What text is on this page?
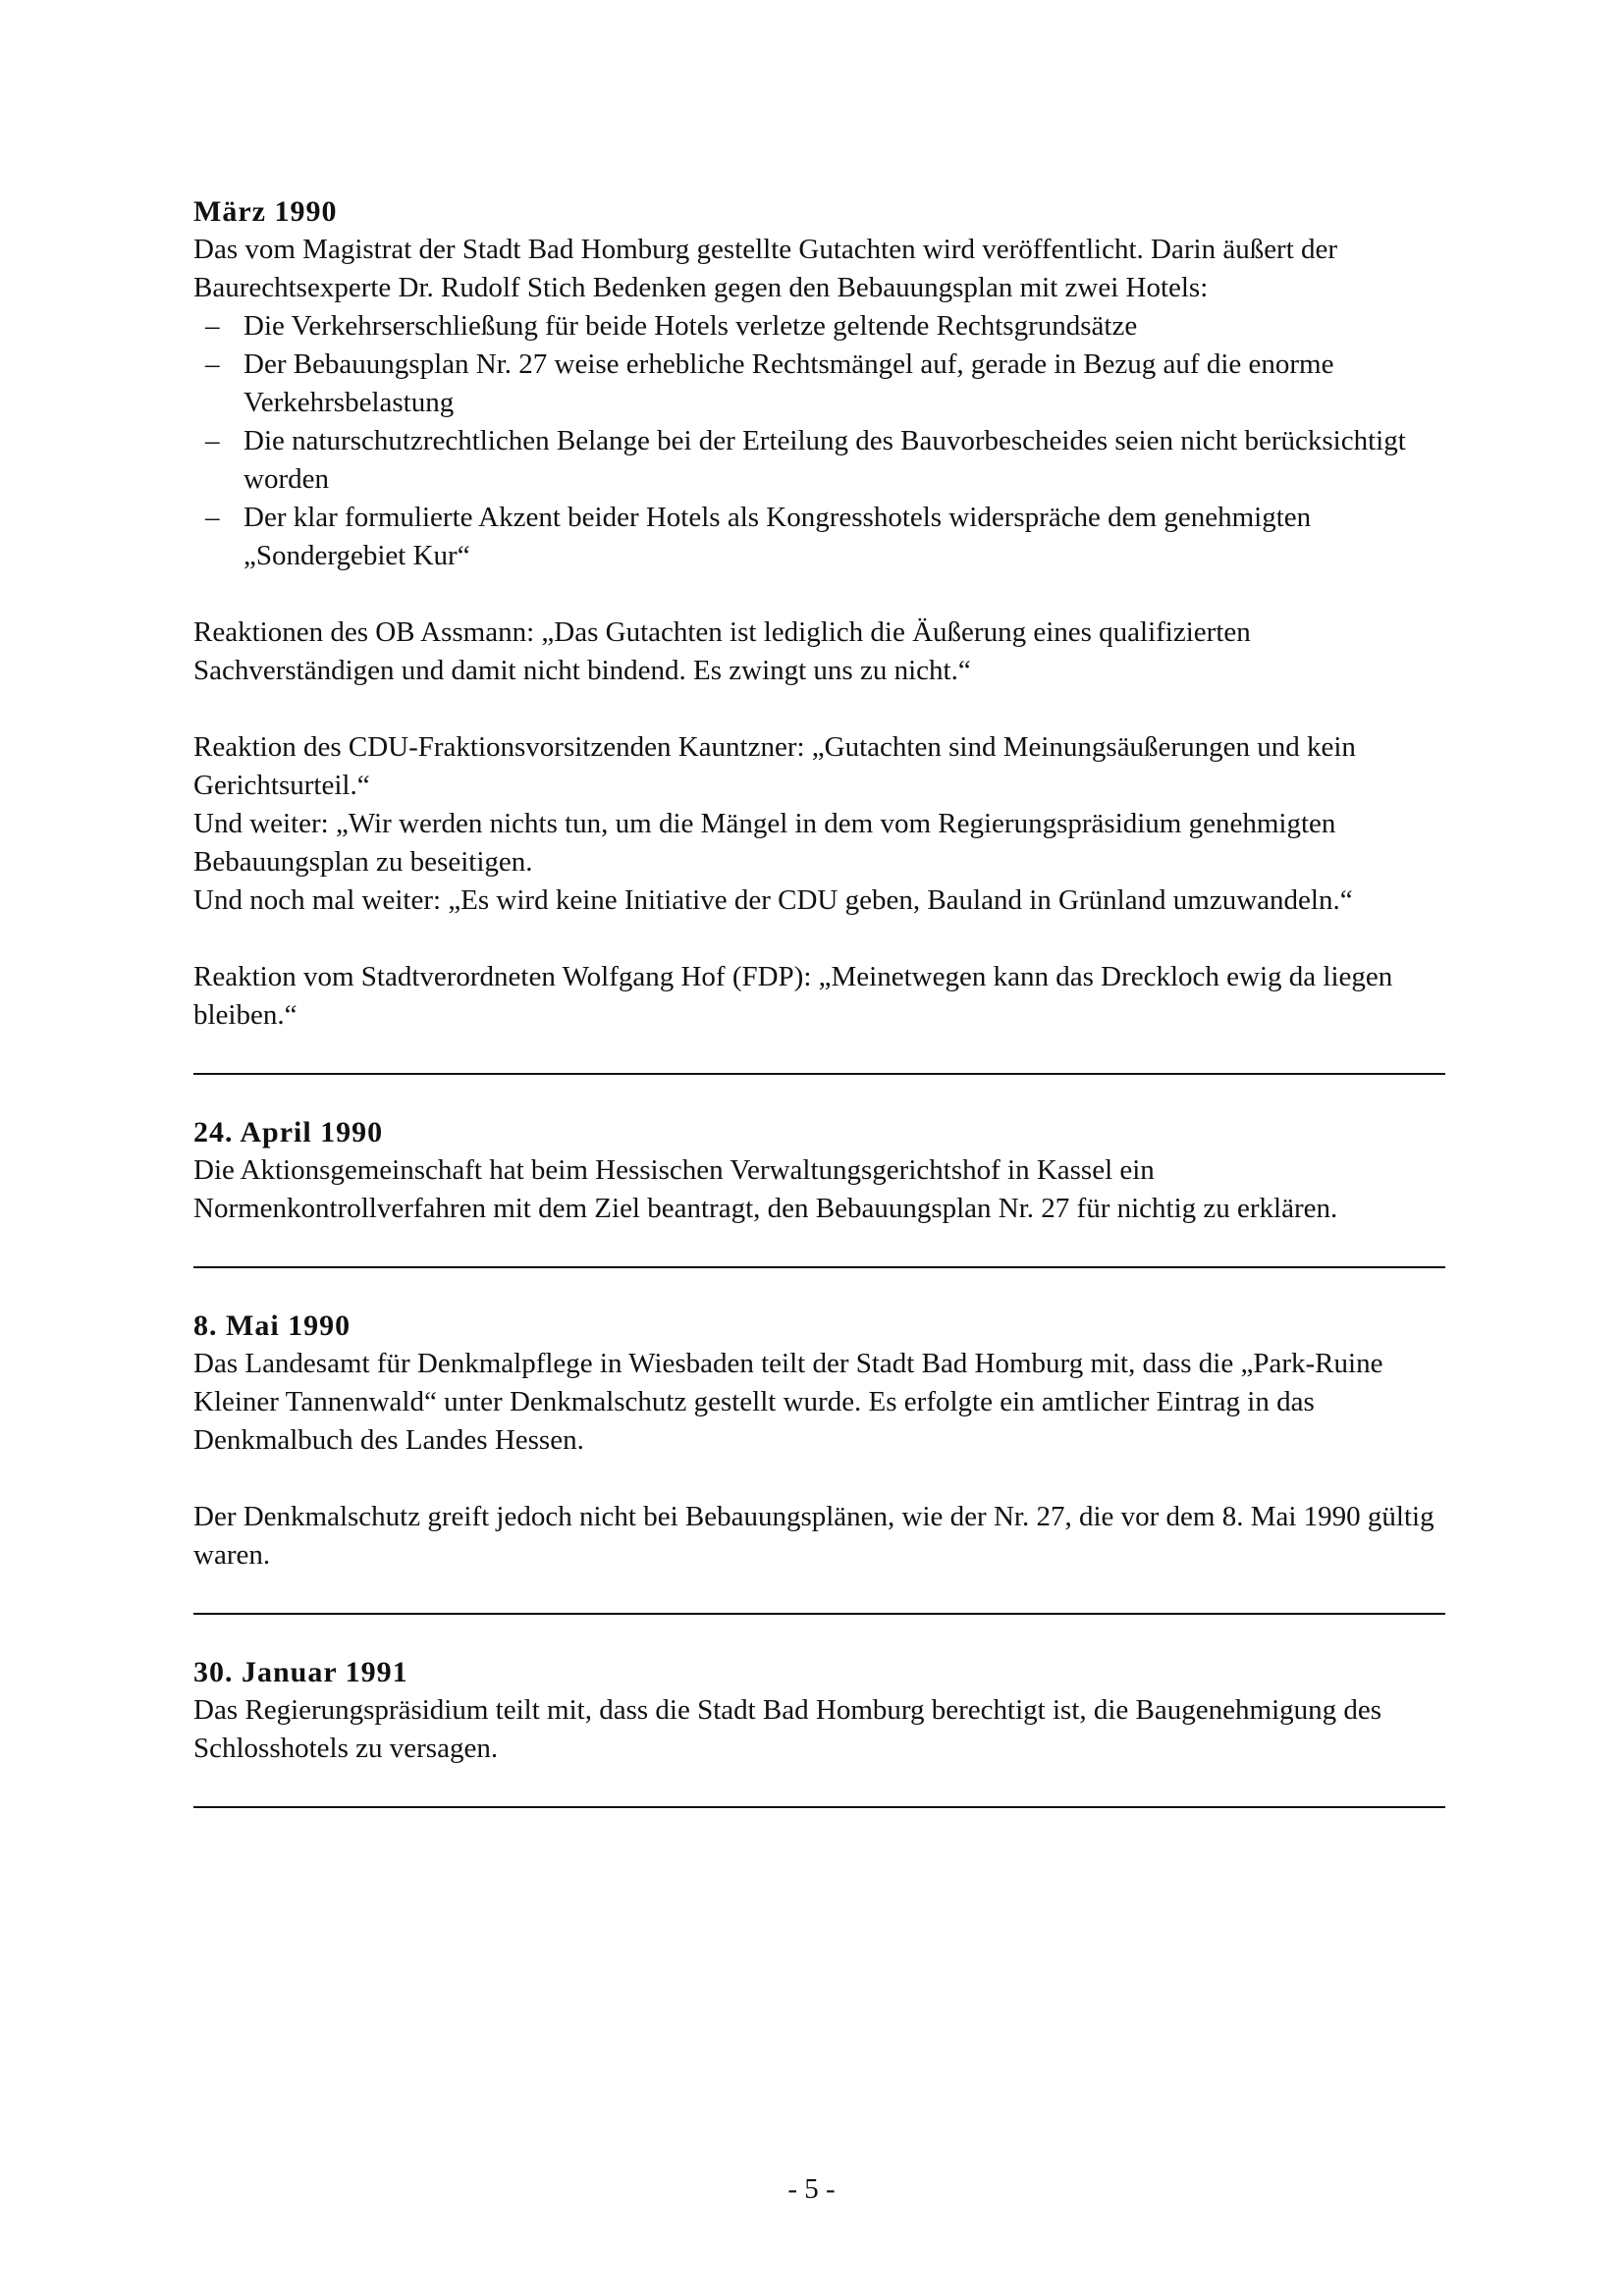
März 1990

Das vom Magistrat der Stadt Bad Homburg gestellte Gutachten wird veröffentlicht. Darin äußert der Baurechtsexperte Dr. Rudolf Stich Bedenken gegen den Bebauungsplan mit zwei Hotels:

– Die Verkehrserschließung für beide Hotels verletze geltende Rechtsgrundsätze
– Der Bebauungsplan Nr. 27 weise erhebliche Rechtsmängel auf, gerade in Bezug auf die enorme Verkehrsbelastung
– Die naturschutzrechtlichen Belange bei der Erteilung des Bauvorbescheides seien nicht berücksichtigt worden
– Der klar formulierte Akzent beider Hotels als Kongresshotels widerspräche dem genehmigten „Sondergebiet Kur“

Reaktionen des OB Assmann: „Das Gutachten ist lediglich die Äußerung eines qualifizierten Sachverständigen und damit nicht bindend. Es zwingt uns zu nicht.“

Reaktion des CDU-Fraktionsvorsitzenden Kauntzner: „Gutachten sind Meinungsäußerungen und kein Gerichtsurteil.“

Und weiter: „Wir werden nichts tun, um die Mängel in dem vom Regierungspräsidium genehmigten Bebauungsplan zu beseitigen.

Und noch mal weiter: „Es wird keine Initiative der CDU geben, Bauland in Grünland umzuwandeln.“

Reaktion vom Stadtverordneten Wolfgang Hof (FDP): „Meinetwegen kann das Dreckloch ewig da liegen bleiben.“

24. April 1990

Die Aktionsgemeinschaft hat beim Hessischen Verwaltungsgerichtshof in Kassel ein Normenkontrollverfahren mit dem Ziel beantragt, den Bebauungsplan Nr. 27 für nichtig zu erklären.

8. Mai 1990

Das Landesamt für Denkmalpflege in Wiesbaden teilt der Stadt Bad Homburg mit, dass die „Park-Ruine Kleiner Tannenwald“ unter Denkmalschutz gestellt wurde. Es erfolgte ein amtlicher Eintrag in das Denkmalbuch des Landes Hessen.

Der Denkmalschutz greift jedoch nicht bei Bebauungsplänen, wie der Nr. 27, die vor dem 8. Mai 1990 gültig waren.

30. Januar 1991

Das Regierungspräsidium teilt mit, dass die Stadt Bad Homburg berechtigt ist, die Baugenehmigung des Schlosshotels zu versagen.

- 5 -
